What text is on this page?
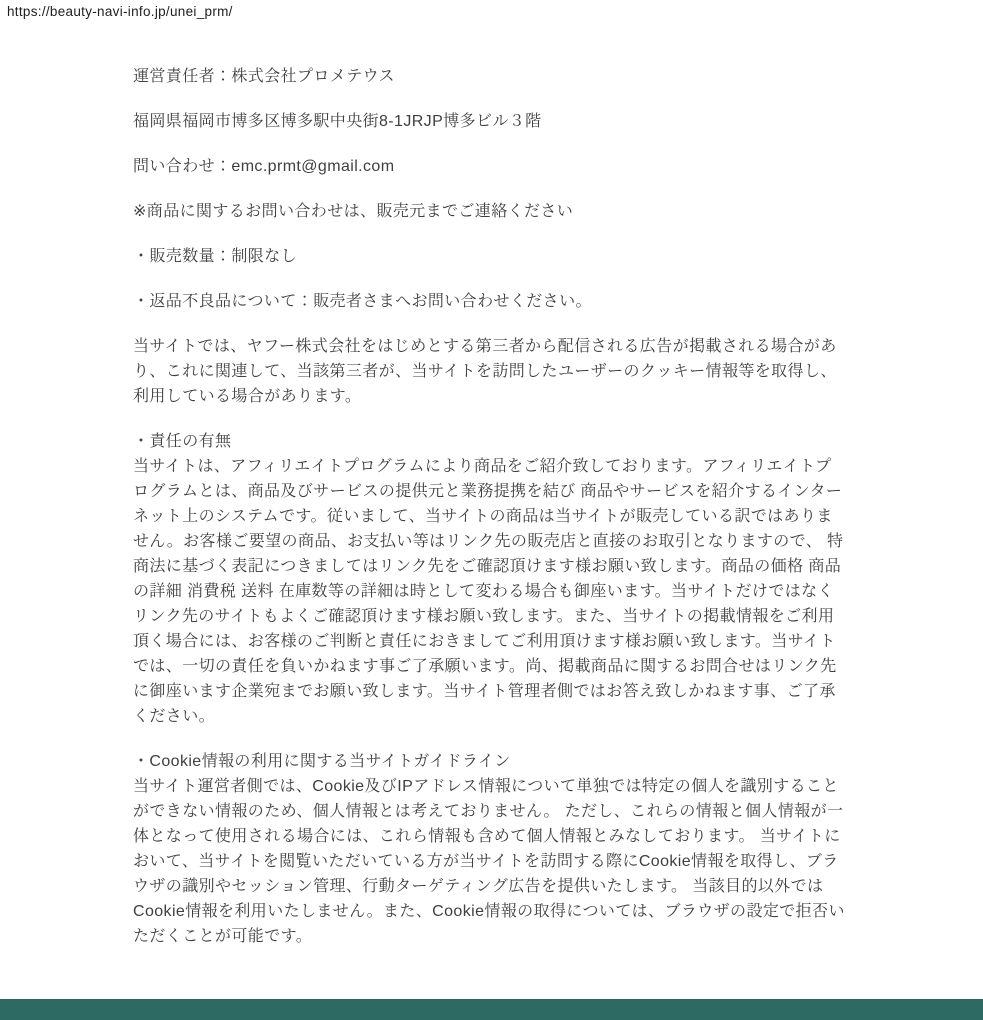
https://beauty-navi-info.jp/unei_prm/

運営責任者：株式会社プロメテウス

福岡県福岡市博多区博多駅中央街8-1JRJP博多ビル３階

問い合わせ：emc.prmt@gmail.com

※商品に関するお問い合わせは、販売元までご連絡ください

・販売数量：制限なし

・返品不良品について：販売者さまへお問い合わせください。

当サイトでは、ヤフー株式会社をはじめとする第三者から配信される広告が掲載される場合があり、これに関連して、当該第三者が、当サイトを訪問したユーザーのクッキー情報等を取得し、利用している場合があります。

・責任の有無

当サイトは、アフィリエイトプログラムにより商品をご紹介致しております。アフィリエイトプログラムとは、商品及びサービスの提供元と業務提携を結び 商品やサービスを紹介するインターネット上のシステムです。従いまして、当サイトの商品は当サイトが販売している訳ではありません。お客様ご要望の商品、お支払い等はリンク先の販売店と直接のお取引となりますので、 特商法に基づく表記につきましてはリンク先をご確認頂けます様お願い致します。商品の価格 商品の詳細 消費税 送料 在庫数等の詳細は時として変わる場合も御座います。当サイトだけではなくリンク先のサイトもよくご確認頂けます様お願い致します。また、当サイトの掲載情報をご利用頂く場合には、お客様のご判断と責任におきましてご利用頂けます様お願い致します。当サイトでは、一切の責任を負いかねます事ご了承願います。尚、掲載商品に関するお問合せはリンク先に御座います企業宛までお願い致します。当サイト管理者側ではお答え致しかねます事、ご了承ください。

・Cookie情報の利用に関する当サイトガイドライン

当サイト運営者側では、Cookie及びIPアドレス情報について単独では特定の個人を識別することができない情報のため、個人情報とは考えておりません。 ただし、これらの情報と個人情報が一体となって使用される場合には、これら情報も含めて個人情報とみなしております。 当サイトにおいて、当サイトを閲覧いただいている方が当サイトを訪問する際にCookie情報を取得し、ブラウザの識別やセッション管理、行動ターゲティング広告を提供いたします。 当該目的以外ではCookie情報を利用いたしません。また、Cookie情報の取得については、ブラウザの設定で拒否いただくことが可能です。
